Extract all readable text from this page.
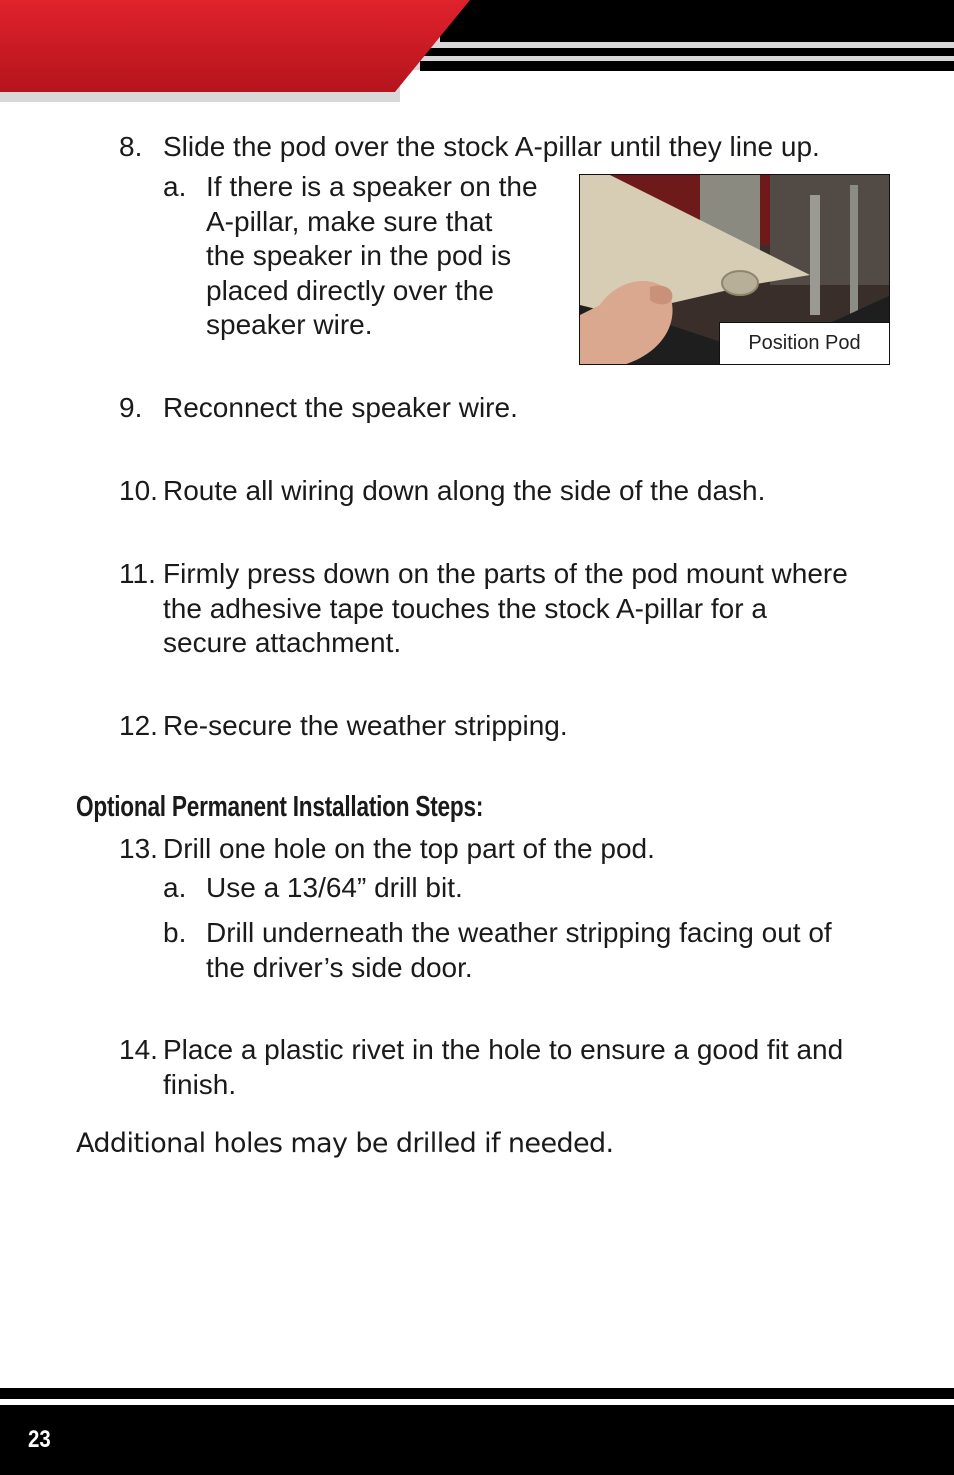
8. Slide the pod over the stock A-pillar until they line up.
a. If there is a speaker on the
A-pillar, make sure that
the speaker in the pod is
placed directly over the
speaker wire.
Position Pod
9. Reconnect the speaker wire.
10. Route all wiring down along the side of the dash.
11. Firmly press down on the parts of the pod mount where
the adhesive tape touches the stock A-pillar for a
secure attachment.
12. Re-secure the weather stripping.
Optional Permanent Installation Steps:
13. Drill one hole on the top part of the pod.
a. Use a 13/64” drill bit.
b. Drill underneath the weather stripping facing out of
the driver’s side door.
14. Place a plastic rivet in the hole to ensure a good fit and
finish.
Additional holes may be drilled if needed.
23
